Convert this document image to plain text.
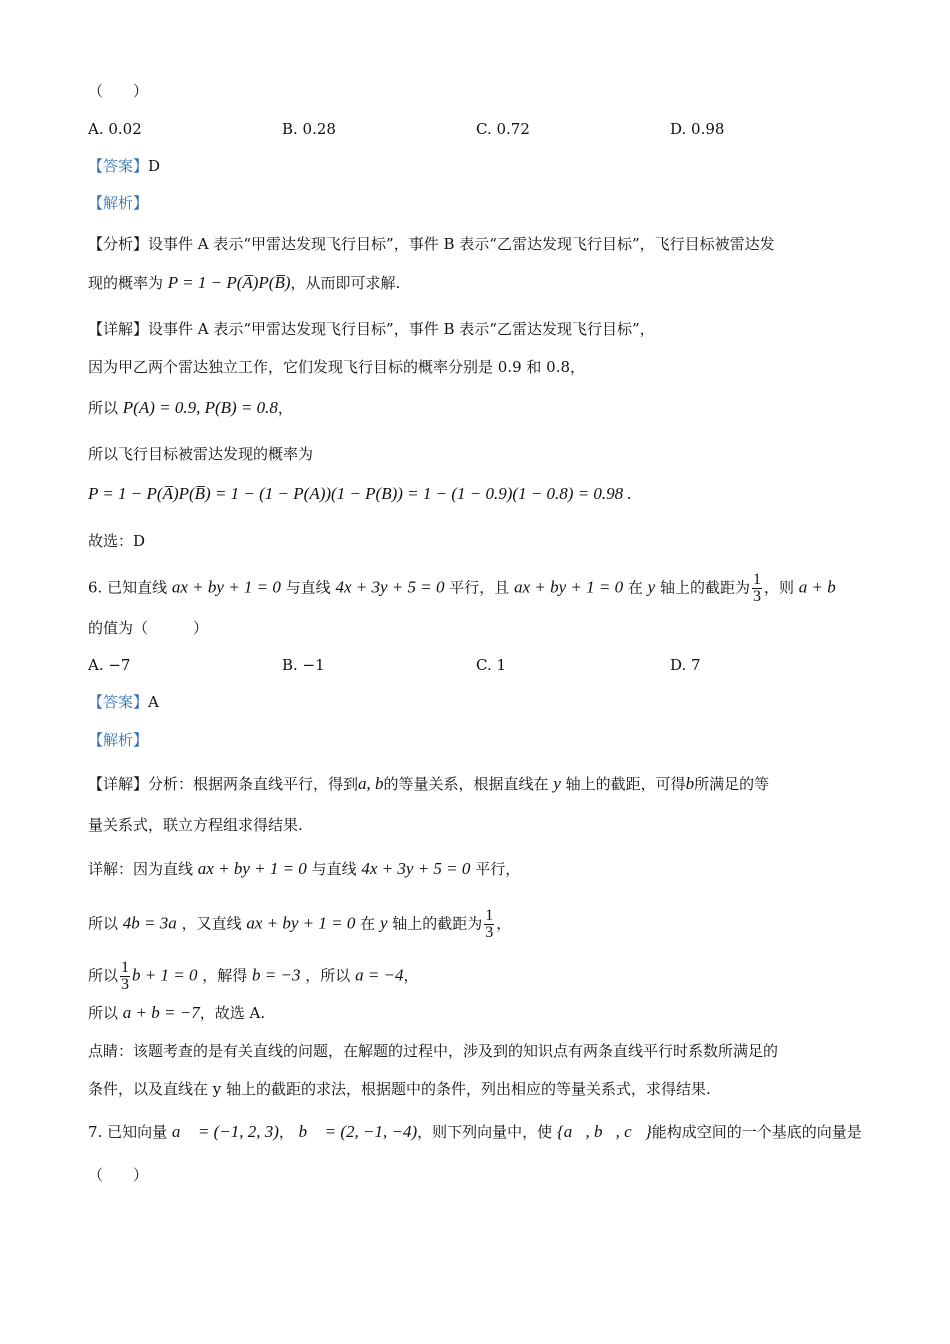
（　　）
A. 0.02	B. 0.28	C. 0.72	D. 0.98
【答案】D
【解析】
【分析】设事件 A 表示“甲雷达发现飞行目标”，事件 B 表示“乙雷达发现飞行目标”，飞行目标被雷达发
现的概率为 P = 1 − P(A̅)P(B̅)，从而即可求解.
【详解】设事件 A 表示“甲雷达发现飞行目标”，事件 B 表示“乙雷达发现飞行目标”，
因为甲乙两个雷达独立工作，它们发现飞行目标的概率分别是 0.9 和 0.8，
所以 P(A) = 0.9, P(B) = 0.8，
所以飞行目标被雷达发现的概率为
P = 1 − P(A̅)P(B̅) = 1 − (1 − P(A))(1 − P(B)) = 1 − (1 − 0.9)(1 − 0.8) = 0.98 .
故选：D
6. 已知直线 ax + by + 1 = 0 与直线 4x + 3y + 5 = 0 平行，且 ax + by + 1 = 0 在 y 轴上的截距为 $\frac{1}{3}$ ，则 a + b
的值为（　　　）
A. −7	B. −1	C. 1	D. 7
【答案】A
【解析】
【详解】分析：根据两条直线平行，得到a, b的等量关系，根据直线在 y 轴上的截距，可得b所满足的等
量关系式，联立方程组求得结果.
详解：因为直线 ax + by + 1 = 0 与直线 4x + 3y + 5 = 0 平行，
所以 4b = 3a ，又直线 ax + by + 1 = 0 在 y 轴上的截距为 $\frac{1}{3}$ ，
所以 $\frac{1}{3}$ b + 1 = 0 ，解得 b = −3 ，所以 a = −4，
所以 a + b = −7，故选 A.
点睛：该题考查的是有关直线的问题，在解题的过程中，涉及到的知识点有两条直线平行时系数所满足的
条件，以及直线在 y 轴上的截距的求法，根据题中的条件，列出相应的等量关系式，求得结果.
7. 已知向量 a⃗ = (−1, 2, 3)， b⃗ = (2, −1, −4)，则下列向量中，使 {a⃗, b⃗, c⃗}能构成空间的一个基底的向量是
（　　）
